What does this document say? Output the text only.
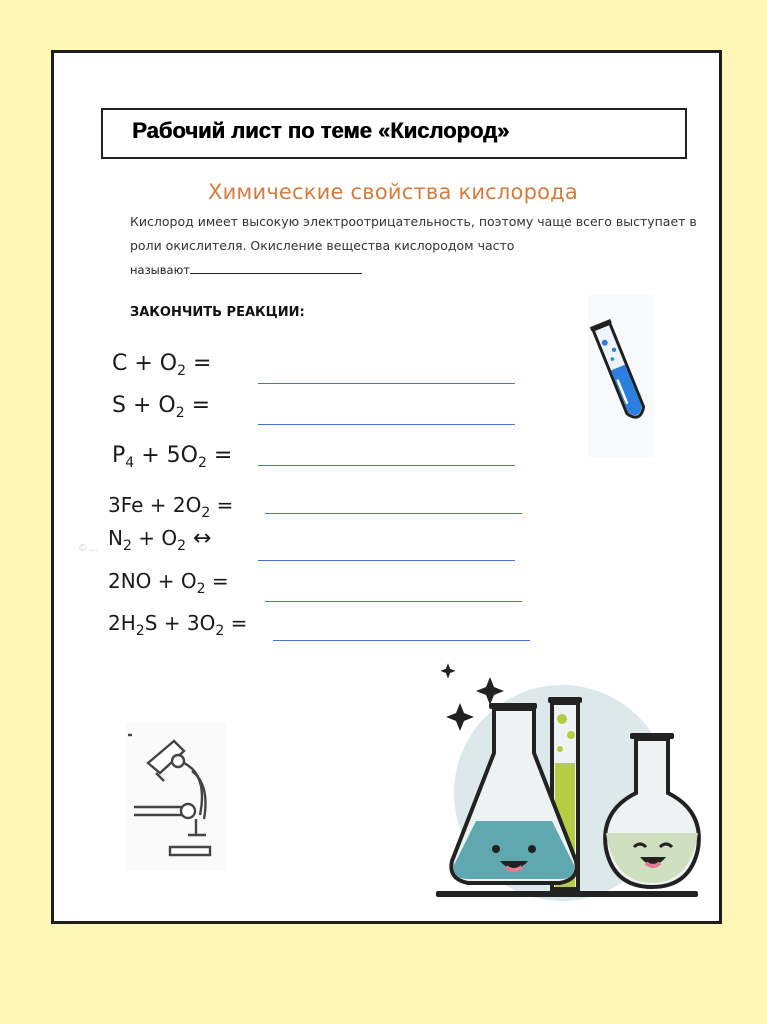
Рабочий лист по теме «Кислород»
Химические свойства кислорода
Кислород имеет высокую электроотрицательность, поэтому чаще всего выступает в роли окислителя. Окисление вещества кислородом часто
называют
ЗАКОНЧИТЬ РЕАКЦИИ:
$C + O_2$ =
$S + O_2$ =
$P_4 + 5O_2$ =
$3Fe + 2O_2$ =
$N_2 + O_2$ ↔
© ...
$2NO + O_2$ =
$2H_2S + 3O_2$ =
